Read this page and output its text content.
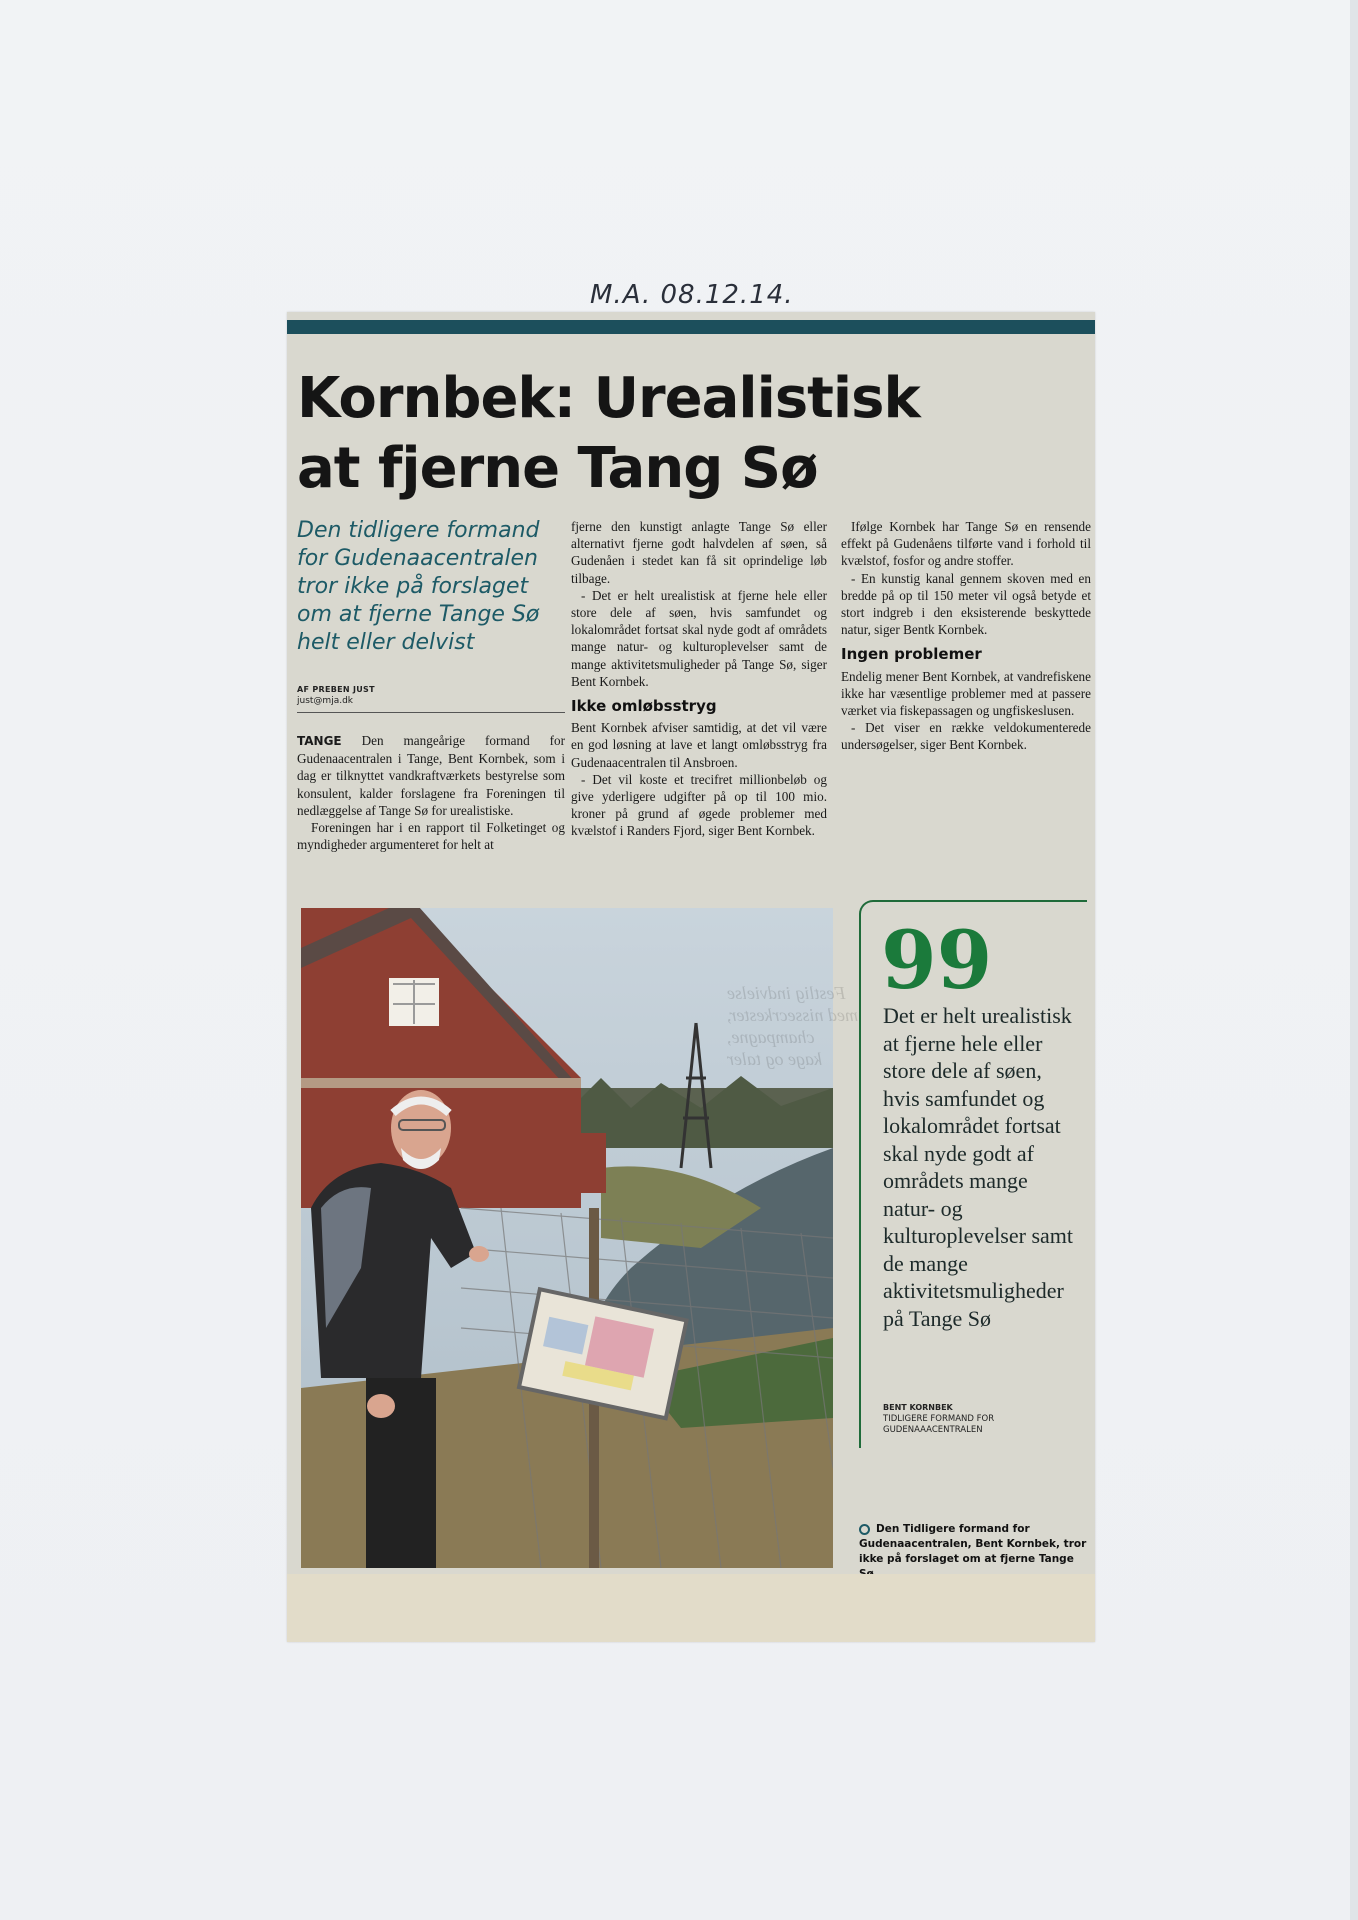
M.A. 08.12.14.
Kornbek: Urealistisk
at fjerne Tang Sø
Den tidligere formand for Gudenaacentralen tror ikke på forslaget om at fjerne Tange Sø helt eller delvist
AF PREBEN JUST
just@mja.dk

TANGE Den mangeårige formand for Gudenaacentralen i Tange, Bent Kornbek, som i dag er tilknyttet vandkraftværkets bestyrelse som konsulent, kalder forslagene fra Foreningen til nedlæggelse af Tange Sø for urealistiske.

Foreningen har i en rapport til Folketinget og myndigheder argumenteret for helt at

fjerne den kunstigt anlagte Tange Sø eller alternativt fjerne godt halvdelen af søen, så Gudenåen i stedet kan få sit oprindelige løb tilbage.

- Det er helt urealistisk at fjerne hele eller store dele af søen, hvis samfundet og lokalområdet fortsat skal nyde godt af områdets mange natur- og kulturoplevelser samt de mange aktivitetsmuligheder på Tange Sø, siger Bent Kornbek.

Ikke omløbsstryg

Bent Kornbek afviser samtidig, at det vil være en god løsning at lave et langt omløbsstryg fra Gudenaacentralen til Ansbroen.

- Det vil koste et trecifret millionbeløb og give yderligere udgifter på op til 100 mio. kroner på grund af øgede problemer med kvælstof i Randers Fjord, siger Bent Kornbek.

Ifølge Kornbek har Tange Sø en rensende effekt på Gudenåens tilførte vand i forhold til kvælstof, fosfor og andre stoffer.

- En kunstig kanal gennem skoven med en bredde på op til 150 meter vil også betyde et stort indgreb i den eksisterende beskyttede natur, siger Bentk Kornbek.

Ingen problemer

Endelig mener Bent Kornbek, at vandrefiskene ikke har væsentlige problemer med at passere værket via fiskepassagen og ungfiskeslusen.

- Det viser en række veldokumenterede undersøgelser, siger Bent Kornbek.

Festlig indvielse
med nissecrkester,
champagne,
kage og taler
99
Det er helt urealistisk at fjerne hele eller store dele af søen, hvis samfundet og lokalområdet fortsat skal nyde godt af områdets mange natur- og kulturoplevelser samt de mange aktivitetsmuligheder på Tange Sø
BENT KORNBEK
TIDLIGERE FORMAND FOR
GUDENAAACENTRALEN
Den Tidligere formand for Gudenaacentralen, Bent Kornbek, tror ikke på forslaget om at fjerne Tange
